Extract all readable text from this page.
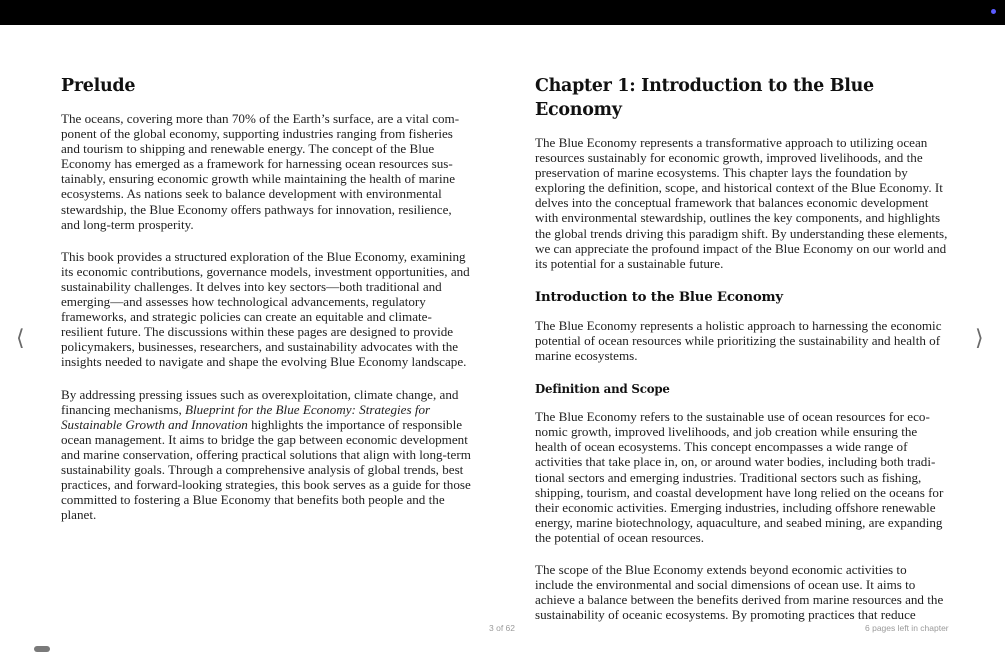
Prelude

The oceans, covering more than 70% of the Earth’s surface, are a vital component of the global economy, supporting industries ranging from fisheries and tourism to shipping and renewable energy. The concept of the Blue Economy has emerged as a framework for harnessing ocean resources sustainably, ensuring economic growth while maintaining the health of marine ecosystems. As nations seek to balance development with environmental stewardship, the Blue Economy offers pathways for innovation, resilience, and long-term prosperity.

This book provides a structured exploration of the Blue Economy, examining its economic contributions, governance models, investment opportunities, and sustainability challenges. It delves into key sectors—both traditional and emerging—and assesses how technological advancements, regulatory frameworks, and strategic policies can create an equitable and climate-resilient future. The discussions within these pages are designed to provide policymakers, businesses, researchers, and sustainability advocates with the insights needed to navigate and shape the evolving Blue Economy landscape.

By addressing pressing issues such as overexploitation, climate change, and financing mechanisms, Blueprint for the Blue Economy: Strategies for Sustainable Growth and Innovation highlights the importance of responsible ocean management. It aims to bridge the gap between economic development and marine conservation, offering practical solutions that align with long-term sustainability goals. Through a comprehensive analysis of global trends, best practices, and forward-looking strategies, this book serves as a guide for those committed to fostering a Blue Economy that benefits both people and the planet.

Chapter 1: Introduction to the Blue Economy

The Blue Economy represents a transformative approach to utilizing ocean resources sustainably for economic growth, improved livelihoods, and the preservation of marine ecosystems. This chapter lays the foundation by exploring the definition, scope, and historical context of the Blue Economy. It delves into the conceptual framework that balances economic development with environmental stewardship, outlines the key components, and highlights the global trends driving this paradigm shift. By understanding these elements, we can appreciate the profound impact of the Blue Economy on our world and its potential for a sustainable future.

Introduction to the Blue Economy

The Blue Economy represents a holistic approach to harnessing the economic potential of ocean resources while prioritizing the sustainability and health of marine ecosystems.

Definition and Scope

The Blue Economy refers to the sustainable use of ocean resources for economic growth, improved livelihoods, and job creation while ensuring the health of ocean ecosystems. This concept encompasses a wide range of activities that take place in, on, or around water bodies, including both traditional sectors and emerging industries. Traditional sectors such as fishing, shipping, tourism, and coastal development have long relied on the oceans for their economic activities. Emerging industries, including offshore renewable energy, marine biotechnology, aquaculture, and seabed mining, are expanding the potential of ocean resources.

The scope of the Blue Economy extends beyond economic activities to include the environmental and social dimensions of ocean use. It aims to achieve a balance between the benefits derived from marine resources and the sustainability of oceanic ecosystems. By promoting practices that reduce

⟨	⟩
3 of 62	6 pages left in chapter
